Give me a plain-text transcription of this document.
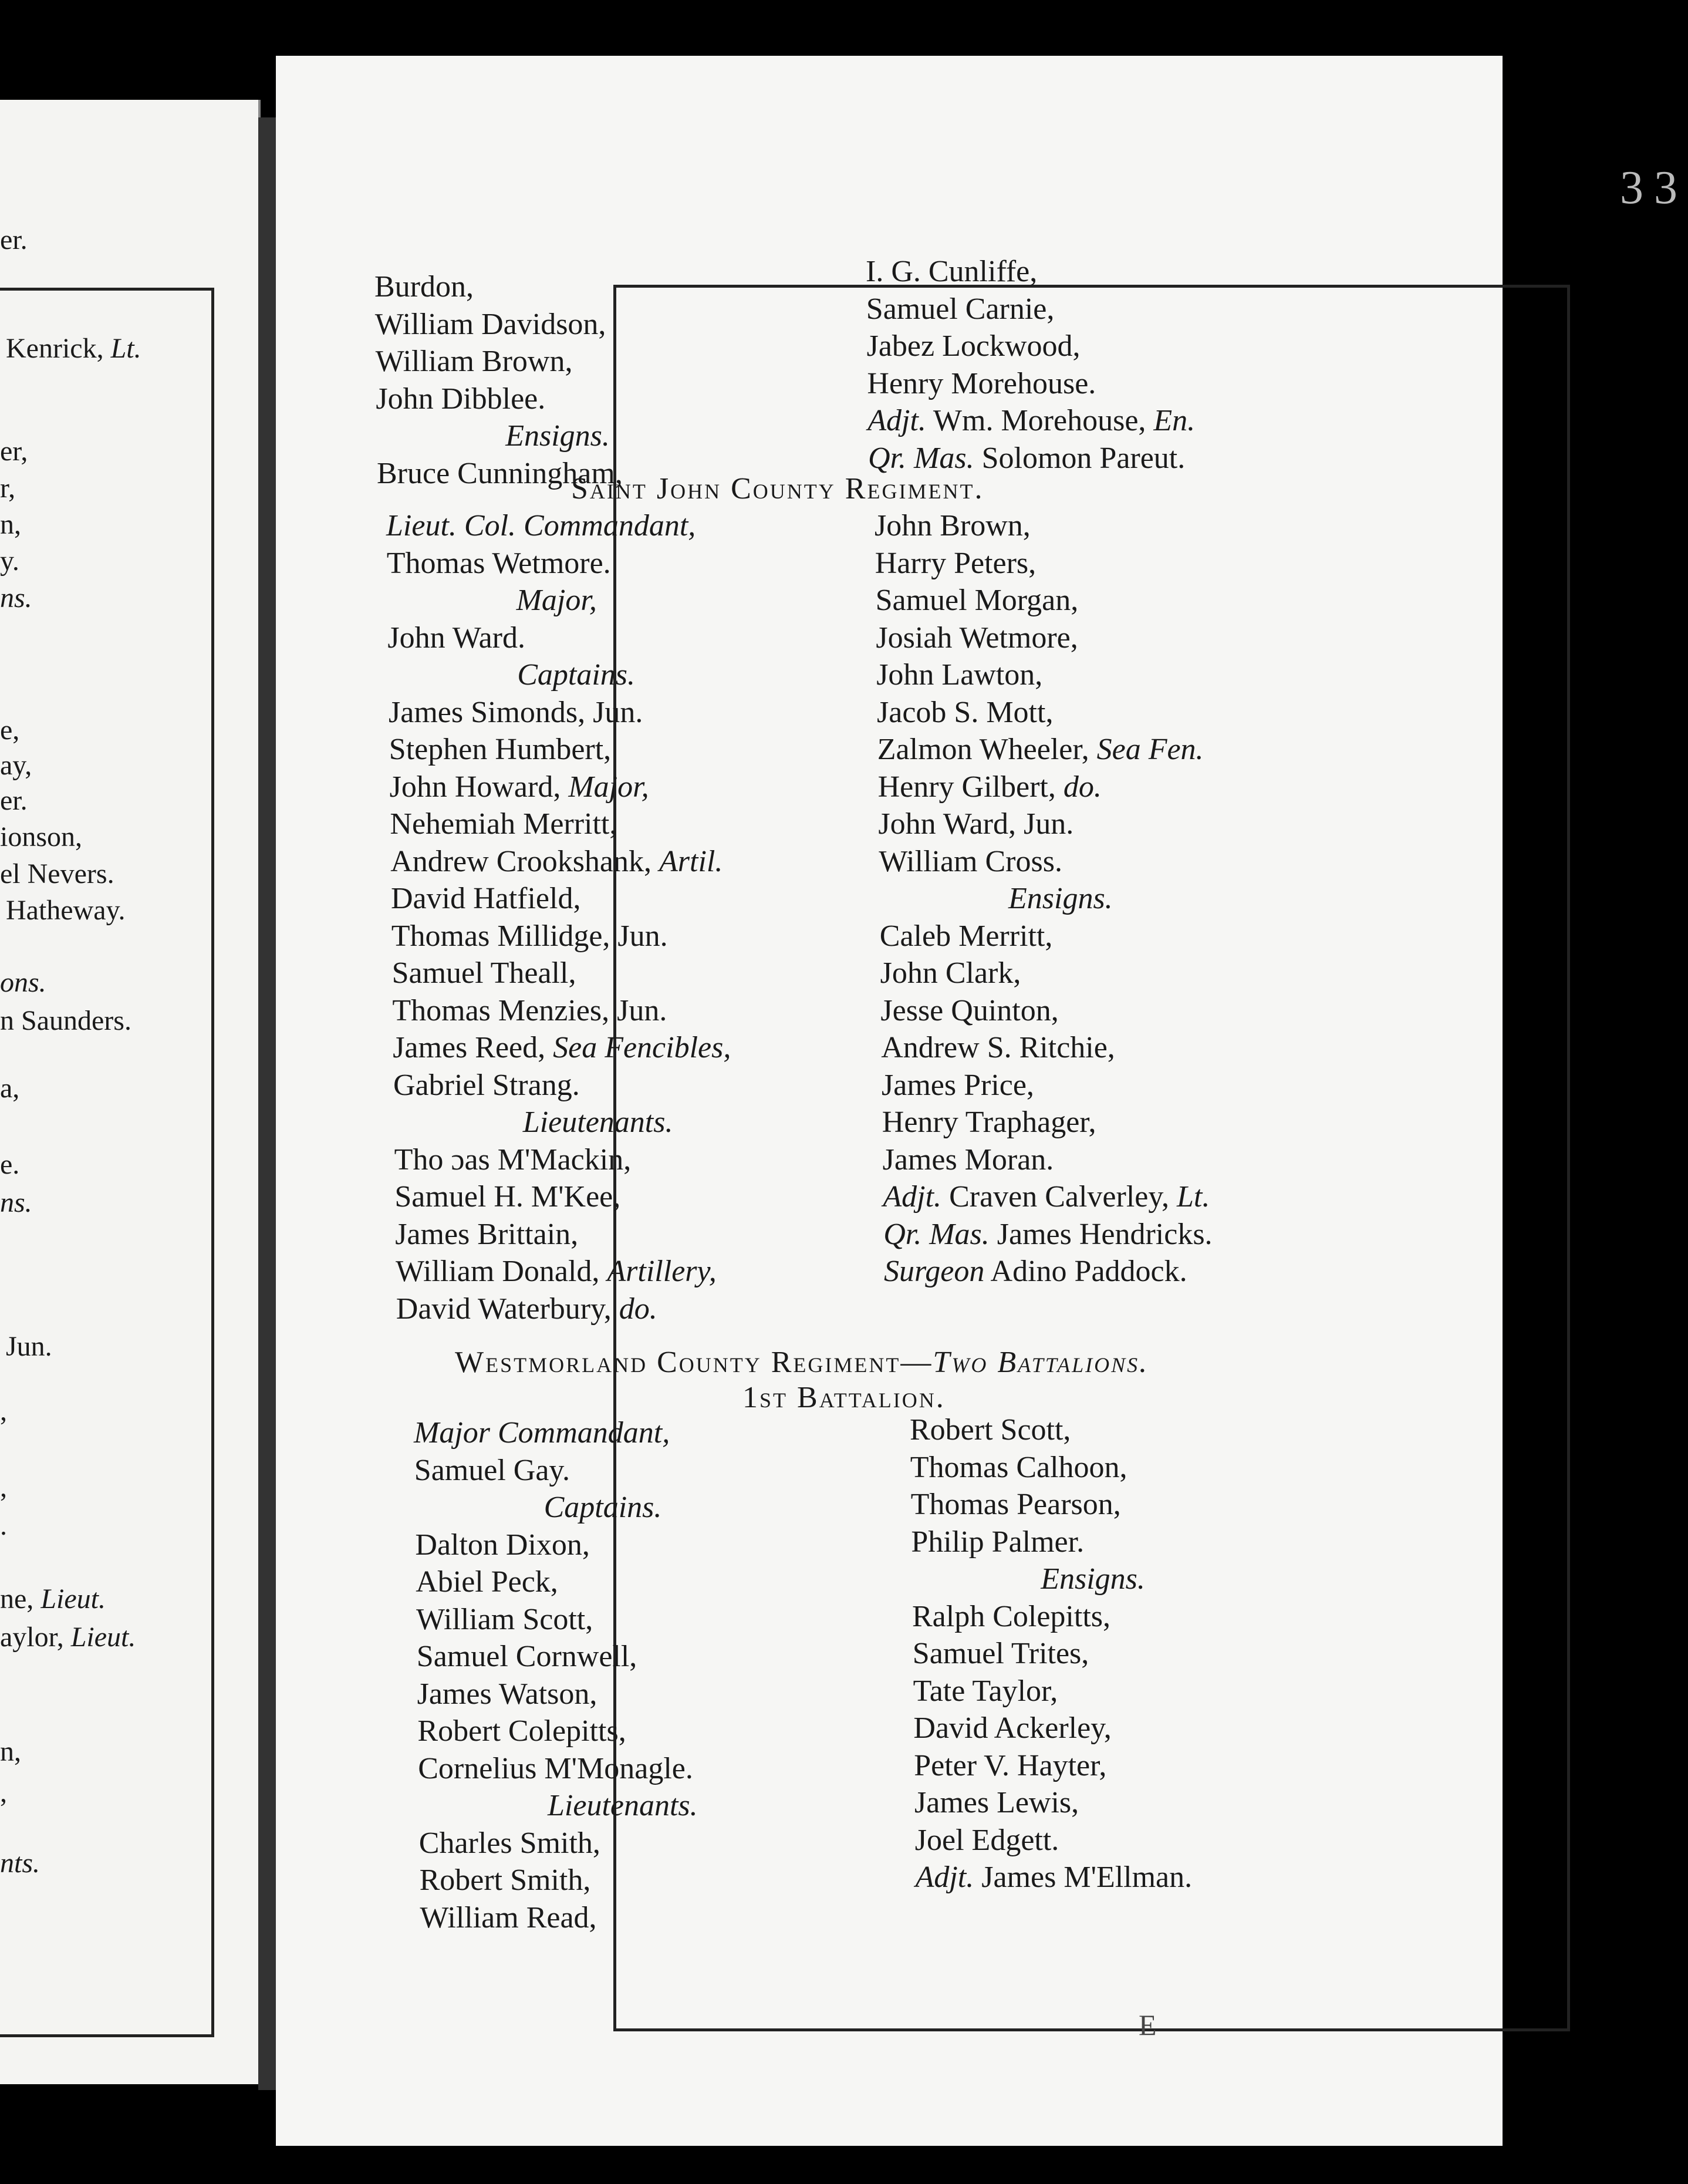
er.
Kenrick, Lt.
er,
r,
n,
y.
ns.
e,
ay,
er.
ionson,
el Nevers.
Hatheway.
ons.
n Saunders.
a,
e.
ns.
Jun.
,
,
.
ne, Lieut.
aylor, Lieut.
n,
,
nts.
33
Burdon,
William Davidson,
William Brown,
John Dibblee.
Ensigns.
Bruce Cunningham,
I. G. Cunliffe,
Samuel Carnie,
Jabez Lockwood,
Henry Morehouse.
Adjt. Wm. Morehouse, En.
Qr. Mas. Solomon Pareut.
Saint John County Regiment.
Lieut. Col. Commandant,
Thomas Wetmore.
Major,
John Ward.
Captains.
James Simonds, Jun.
Stephen Humbert,
John Howard, Major,
Nehemiah Merritt,
Andrew Crookshank, Artil.
David Hatfield,
Thomas Millidge, Jun.
Samuel Theall,
Thomas Menzies, Jun.
James Reed, Sea Fencibles,
Gabriel Strang.
Lieutenants.
Tho ɔas M'Mackin,
Samuel H. M'Kee,
James Brittain,
William Donald, Artillery,
David Waterbury, do.
John Brown,
Harry Peters,
Samuel Morgan,
Josiah Wetmore,
John Lawton,
Jacob S. Mott,
Zalmon Wheeler, Sea Fen.
Henry Gilbert, do.
John Ward, Jun.
William Cross.
Ensigns.
Caleb Merritt,
John Clark,
Jesse Quinton,
Andrew S. Ritchie,
James Price,
Henry Traphager,
James Moran.
Adjt. Craven Calverley, Lt.
Qr. Mas. James Hendricks.
Surgeon Adino Paddock.
Westmorland County Regiment—Two Battalions.
1st Battalion.
Major Commandant,
Samuel Gay.
Captains.
Dalton Dixon,
Abiel Peck,
William Scott,
Samuel Cornwell,
James Watson,
Robert Colepitts,
Cornelius M'Monagle.
Lieutenants.
Charles Smith,
Robert Smith,
William Read,
Robert Scott,
Thomas Calhoon,
Thomas Pearson,
Philip Palmer.
Ensigns.
Ralph Colepitts,
Samuel Trites,
Tate Taylor,
David Ackerley,
Peter V. Hayter,
James Lewis,
Joel Edgett.
Adjt. James M'Ellman.
E
